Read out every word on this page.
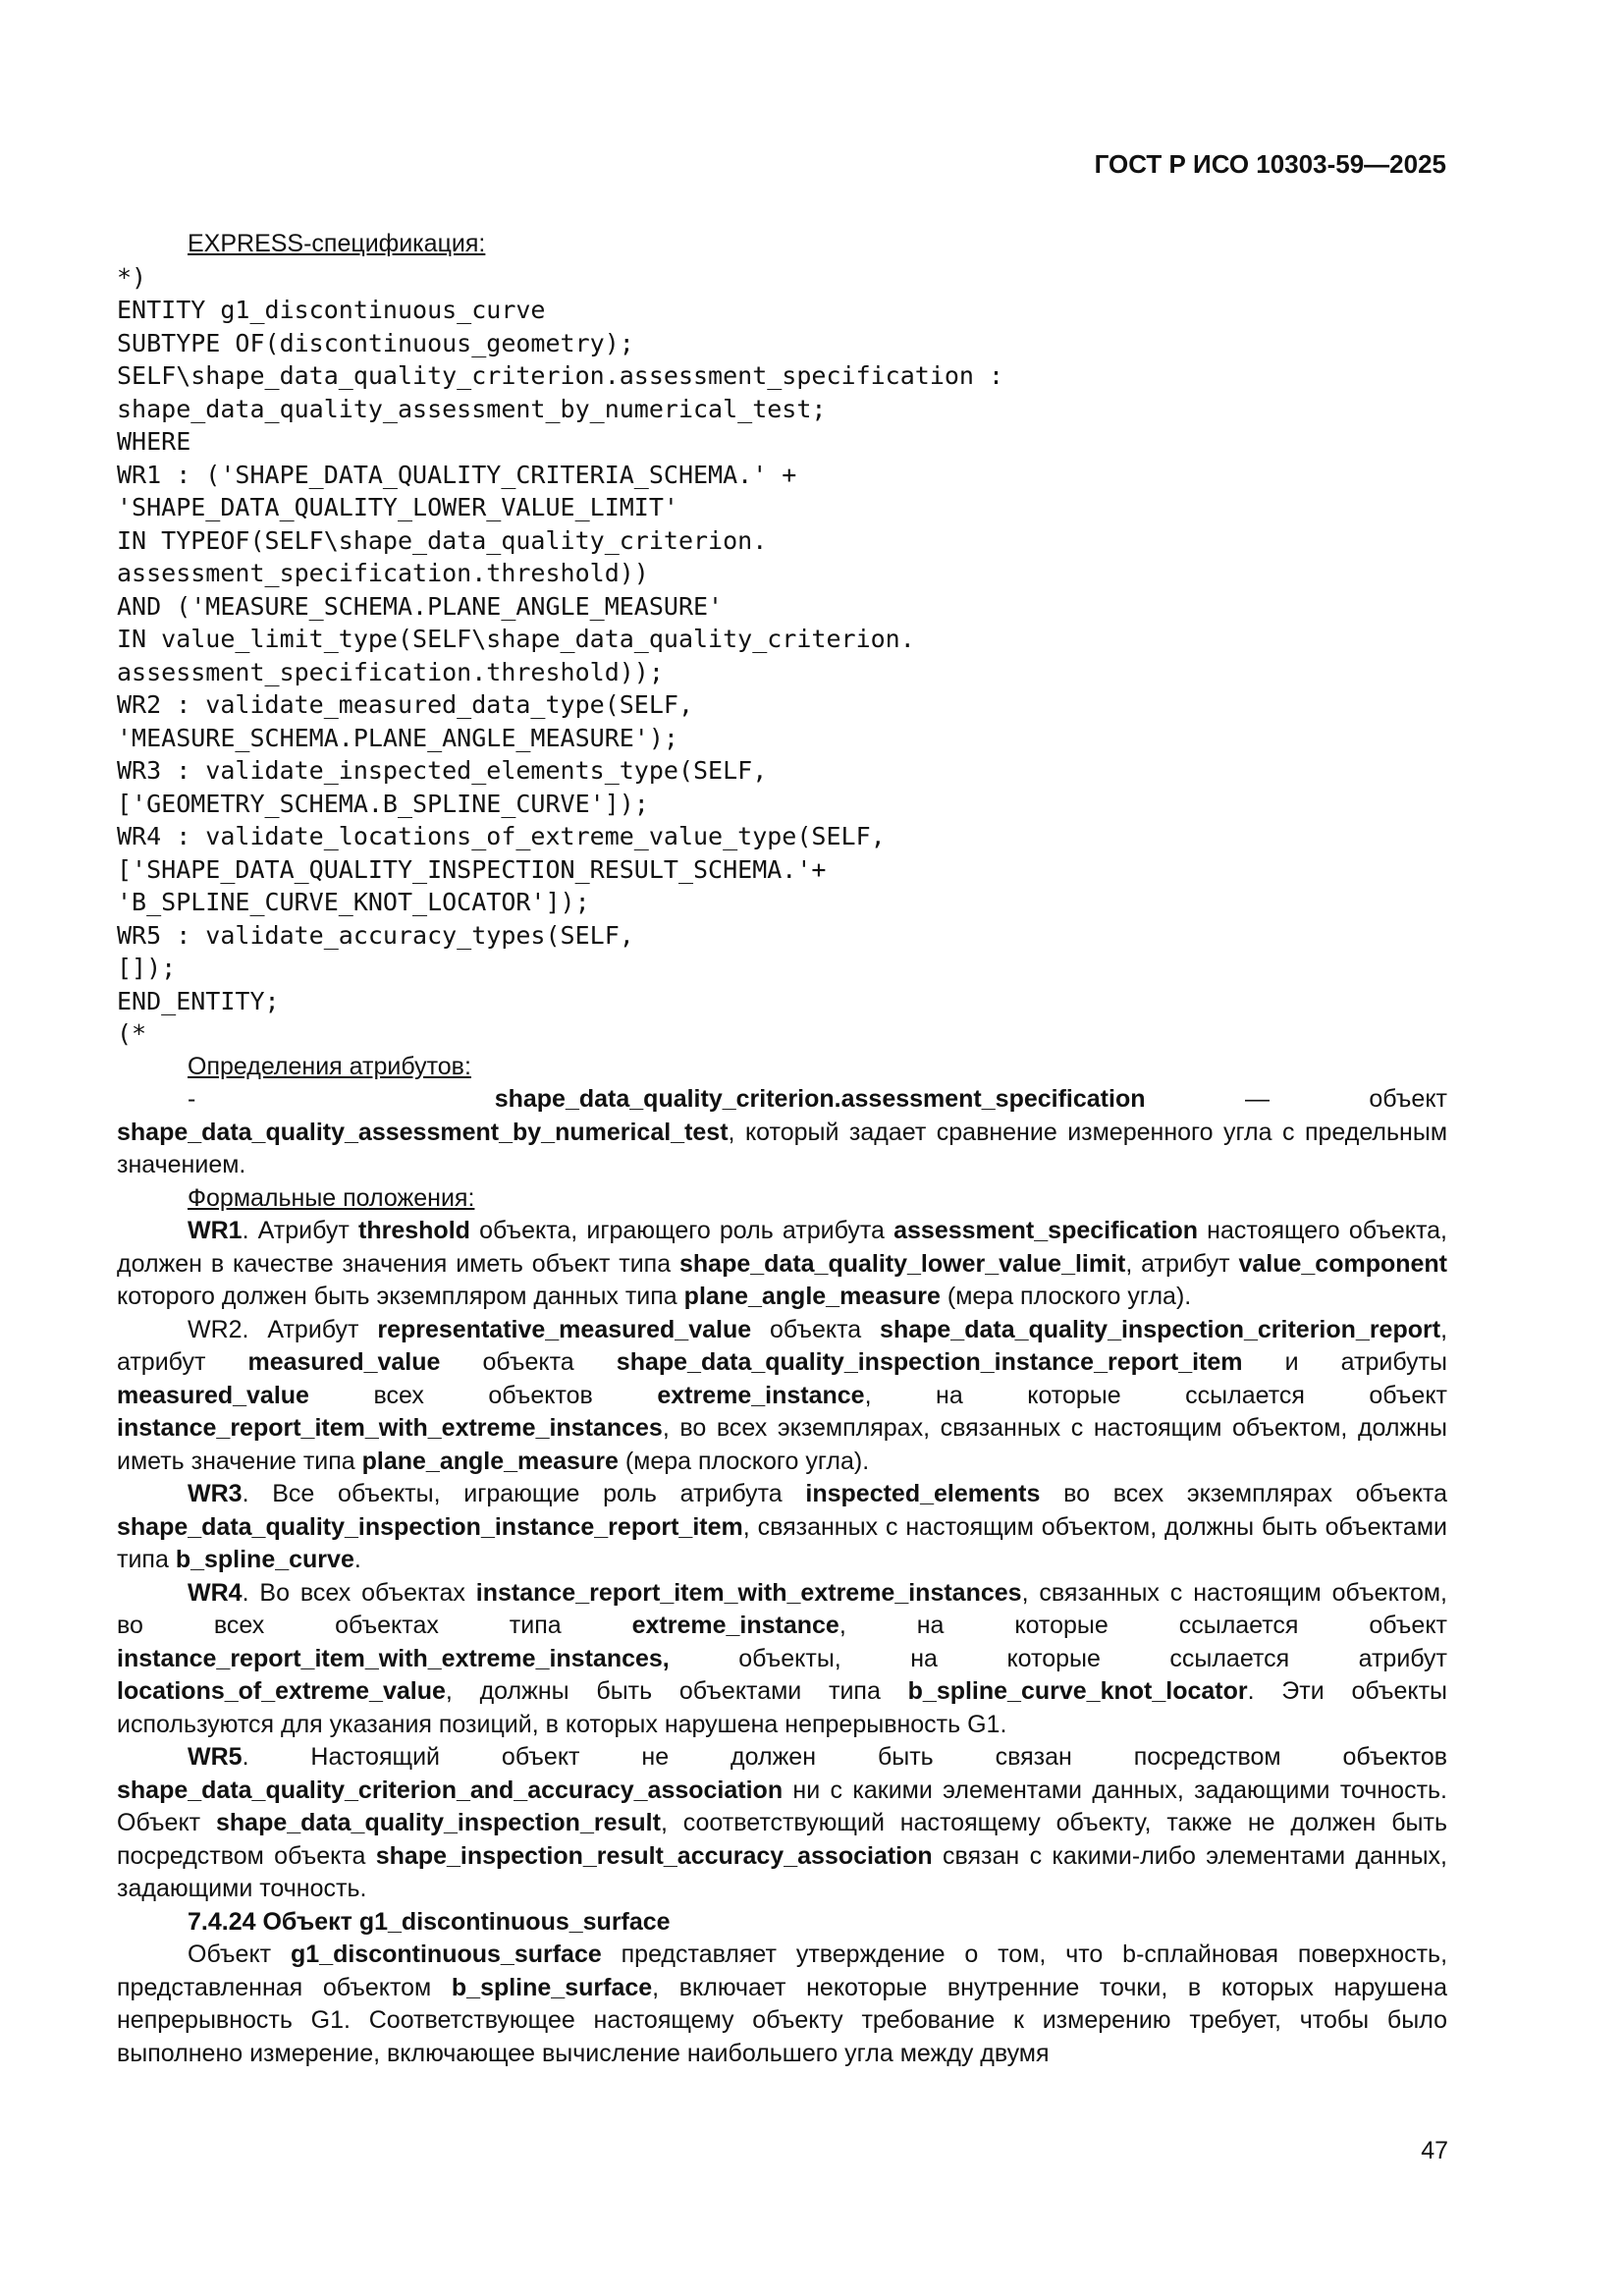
ГОСТ Р ИСО 10303-59—2025

EXPRESS-спецификация:

*)
ENTITY g1_discontinuous_curve
SUBTYPE OF(discontinuous_geometry);
SELF\shape_data_quality_criterion.assessment_specification :
shape_data_quality_assessment_by_numerical_test;
WHERE
WR1 : ('SHAPE_DATA_QUALITY_CRITERIA_SCHEMA.' +
'SHAPE_DATA_QUALITY_LOWER_VALUE_LIMIT'
IN TYPEOF(SELF\shape_data_quality_criterion.
assessment_specification.threshold))
AND ('MEASURE_SCHEMA.PLANE_ANGLE_MEASURE'
IN value_limit_type(SELF\shape_data_quality_criterion.
assessment_specification.threshold));
WR2 : validate_measured_data_type(SELF,
'MEASURE_SCHEMA.PLANE_ANGLE_MEASURE');
WR3 : validate_inspected_elements_type(SELF,
['GEOMETRY_SCHEMA.B_SPLINE_CURVE']);
WR4 : validate_locations_of_extreme_value_type(SELF,
['SHAPE_DATA_QUALITY_INSPECTION_RESULT_SCHEMA.'+
'B_SPLINE_CURVE_KNOT_LOCATOR']);
WR5 : validate_accuracy_types(SELF,
[]);
END_ENTITY;
(*

Определения атрибутов:

-	shape_data_quality_criterion.assessment_specification — объект shape_data_quality_assessment_by_numerical_test, который задает сравнение измеренного угла с предельным значением.

Формальные положения:

WR1. Атрибут threshold объекта, играющего роль атрибута assessment_specification настоящего объекта, должен в качестве значения иметь объект типа shape_data_quality_lower_value_limit, атрибут value_component которого должен быть экземпляром данных типа plane_angle_measure (мера плоского угла).

WR2. Атрибут representative_measured_value объекта shape_data_quality_inspection_criterion_report, атрибут measured_value объекта shape_data_quality_inspection_instance_report_item и атрибуты measured_value всех объектов extreme_instance, на которые ссылается объект instance_report_item_with_extreme_instances, во всех экземплярах, связанных с настоящим объектом, должны иметь значение типа plane_angle_measure (мера плоского угла).

WR3. Все объекты, играющие роль атрибута inspected_elements во всех экземплярах объекта shape_data_quality_inspection_instance_report_item, связанных с настоящим объектом, должны быть объектами типа b_spline_curve.

WR4. Во всех объектах instance_report_item_with_extreme_instances, связанных с настоящим объектом, во всех объектах типа extreme_instance, на которые ссылается объект instance_report_item_with_extreme_instances, объекты, на которые ссылается атрибут locations_of_extreme_value, должны быть объектами типа b_spline_curve_knot_locator. Эти объекты используются для указания позиций, в которых нарушена непрерывность G1.

WR5. Настоящий объект не должен быть связан посредством объектов shape_data_quality_criterion_and_accuracy_association ни с какими элементами данных, задающими точность. Объект shape_data_quality_inspection_result, соответствующий настоящему объекту, также не должен быть посредством объекта shape_inspection_result_accuracy_association связан с какими-либо элементами данных, задающими точность.

7.4.24 Объект g1_discontinuous_surface

Объект g1_discontinuous_surface представляет утверждение о том, что b-сплайновая поверхность, представленная объектом b_spline_surface, включает некоторые внутренние точки, в которых нарушена непрерывность G1. Соответствующее настоящему объекту требование к измерению требует, чтобы было выполнено измерение, включающее вычисление наибольшего угла между двумя

47
